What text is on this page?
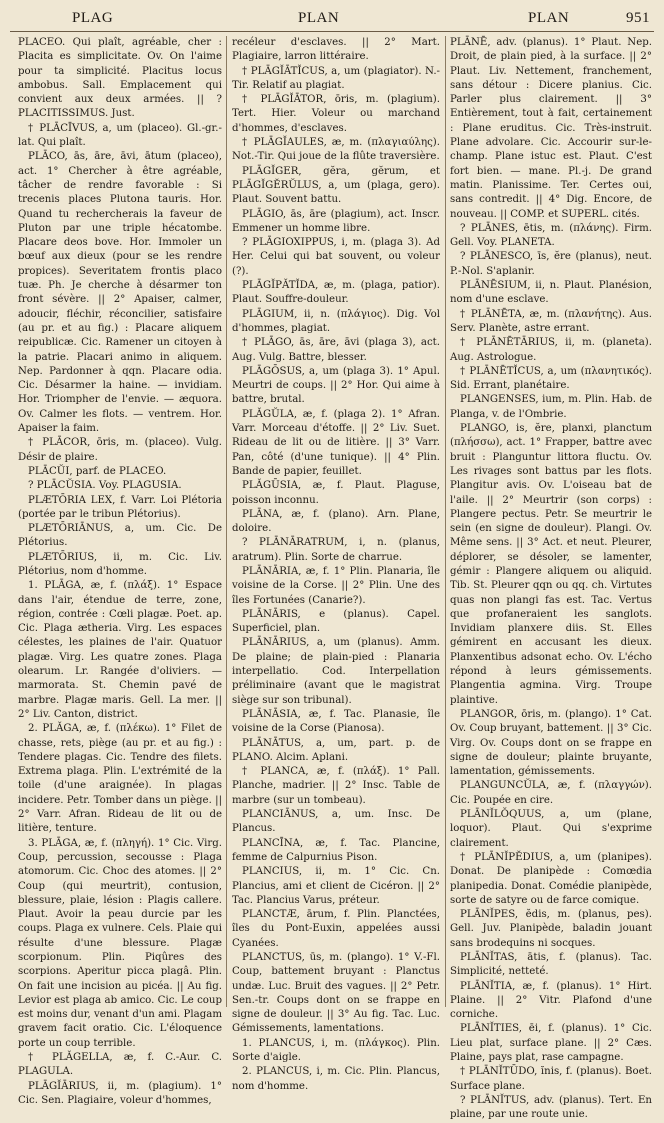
PLAG	PLAN	PLAN	951

PLACEO. Qui plaît, agréable, cher : Placita es simplicitate. Ov. On l'aime pour ta simplicité. Placitus locus ambobus. Sall. Emplacement qui convient aux deux armées. || ? PLACITISSIMUS. Just.

† PLĀCĪVUS, a, um (placeo). Gl.-gr.-lat. Qui plaît.

PLĀCO, ās, āre, āvi, ātum (placeo), act. 1° Chercher à être agréable, tâcher de rendre favorable : Si trecenis places Plutona tauris. Hor. Quand tu rechercherais la faveur de Pluton par une triple hécatombe. Placare deos bove. Hor. Immoler un bœuf aux dieux (pour se les rendre propices). Severitatem frontis placo tuæ. Ph. Je cherche à désarmer ton front sévère. || 2° Apaiser, calmer, adoucir, fléchir, réconcilier, satisfaire (au pr. et au fig.) : Placare aliquem reipublicæ. Cic. Ramener un citoyen à la patrie. Placari animo in aliquem. Nep. Pardonner à qqn. Placare odia. Cic. Désarmer la haine. — invidiam. Hor. Triompher de l'envie. — æquora. Ov. Calmer les flots. — ventrem. Hor. Apaiser la faim.

† PLĀCOR, ōris, m. (placeo). Vulg. Désir de plaire.

PLĀCŬI, parf. de PLACEO.

? PLĀCŬSIA. Voy. PLAGUSIA.

PLÆTŌRIA LEX, f. Varr. Loi Plétoria (portée par le tribun Plétorius).

PLÆTŌRIĀNUS, a, um. Cic. De Plétorius.

PLÆTŌRIUS, ii, m. Cic. Liv. Plétorius, nom d'homme.

1. PLĀGA, æ, f. (πλάξ). 1° Espace dans l'air, étendue de terre, zone, région, contrée : Cœli plagæ. Poet. ap. Cic. Plaga ætheria. Virg. Les espaces célestes, les plaines de l'air. Quatuor plagæ. Virg. Les quatre zones. Plaga olearum. Lr. Rangée d'oliviers. — marmorata. St. Chemin pavé de marbre. Plagæ maris. Gell. La mer. || 2° Liv. Canton, district.

2. PLĂGA, æ, f. (πλέκω). 1° Filet de chasse, rets, piège (au pr. et au fig.) : Tendere plagas. Cic. Tendre des filets. Extrema plaga. Plin. L'extrémité de la toile (d'une araignée). In plagas incidere. Petr. Tomber dans un piège. || 2° Varr. Afran. Rideau de lit ou de litière, tenture.

3. PLĀGA, æ, f. (πληγή). 1° Cic. Virg. Coup, percussion, secousse : Plaga atomorum. Cic. Choc des atomes. || 2° Coup (qui meurtrit), contusion, blessure, plaie, lésion : Plagis callere. Plaut. Avoir la peau durcie par les coups. Plaga ex vulnere. Cels. Plaie qui résulte d'une blessure. Plagæ scorpionum. Plin. Piqûres des scorpions. Aperitur picca plagâ. Plin. On fait une incision au picéa. || Au fig. Levior est plaga ab amico. Cic. Le coup est moins dur, venant d'un ami. Plagam gravem facit oratio. Cic. L'éloquence porte un coup terrible.

† PLĂGELLA, æ, f. C.-Aur. C. PLAGULA.

PLĀGĬĀRIUS, ii, m. (plagium). 1° Cic. Sen. Plagiaire, voleur d'hommes,

recéleur d'esclaves. || 2° Mart. Plagiaire, larron littéraire.

† PLĀGĬĀTĬCUS, a, um (plagiator). N.-Tir. Relatif au plagiat.

† PLĀGĬĀTOR, ōris, m. (plagium). Tert. Hier. Voleur ou marchand d'hommes, d'esclaves.

† PLĀGĬAULES, æ, m. (πλαγιαύλης). Not.-Tir. Qui joue de la flûte traversière.

PLĀGĬGER, gĕra, gĕrum, et PLĀGĬGĔRŬLUS, a, um (plaga, gero). Plaut. Souvent battu.

PLĀGIO, ās, āre (plagium), act. Inscr. Emmener un homme libre.

? PLĀGIOXIPPUS, i, m. (plaga 3). Ad Her. Celui qui bat souvent, ou voleur (?).

PLĀGĬPĂTĬDA, æ, m. (plaga, patior). Plaut. Souffre-douleur.

PLĀGIUM, ii, n. (πλάγιος). Dig. Vol d'hommes, plagiat.

† PLĀGO, ās, āre, āvi (plaga 3), act. Aug. Vulg. Battre, blesser.

PLĀGŌSUS, a, um (plaga 3). 1° Apul. Meurtri de coups. || 2° Hor. Qui aime à battre, brutal.

PLĂGŬLA, æ, f. (plaga 2). 1° Afran. Varr. Morceau d'étoffe. || 2° Liv. Suet. Rideau de lit ou de litière. || 3° Varr. Pan, côté (d'une tunique). || 4° Plin. Bande de papier, feuillet.

PLĂGŪSIA, æ, f. Plaut. Plaguse, poisson inconnu.

PLĀNA, æ, f. (plano). Arn. Plane, doloire.

? PLĀNĀRATRUM, i, n. (planus, aratrum). Plin. Sorte de charrue.

PLĀNĀRIA, æ, f. 1° Plin. Planaria, île voisine de la Corse. || 2° Plin. Une des îles Fortunées (Canarie?).

PLĀNĀRIS, e (planus). Capel. Superficiel, plan.

PLĀNĀRIUS, a, um (planus). Amm. De plaine; de plain-pied : Planaria interpellatio. Cod. Interpellation préliminaire (avant que le magistrat siège sur son tribunal).

PLĀNĀSIA, æ, f. Tac. Planasie, île voisine de la Corse (Pianosa).

PLĀNĀTUS, a, um, part. p. de PLANO. Alcim. Aplani.

† PLANCA, æ, f. (πλάξ). 1° Pall. Planche, madrier. || 2° Insc. Table de marbre (sur un tombeau).

PLANCIĀNUS, a, um. Insc. De Plancus.

PLANCĪNA, æ, f. Tac. Plancine, femme de Calpurnius Pison.

PLANCIUS, ii, m. 1° Cic. Cn. Plancius, ami et client de Cicéron. || 2° Tac. Plancius Varus, préteur.

PLANCTÆ, ārum, f. Plin. Planctées, îles du Pont-Euxin, appelées aussi Cyanées.

PLANCTUS, ūs, m. (plango). 1° V.-Fl. Coup, battement bruyant : Planctus undæ. Luc. Bruit des vagues. || 2° Petr. Sen.-tr. Coups dont on se frappe en signe de douleur. || 3° Au fig. Tac. Luc. Gémissements, lamentations.

1. PLANCUS, i, m. (πλάγκος). Plin. Sorte d'aigle.

2. PLANCUS, i, m. Cic. Plin. Plancus, nom d'homme.

PLĀNĒ, adv. (planus). 1° Plaut. Nep. Droit, de plain pied, à la surface. || 2° Plaut. Liv. Nettement, franchement, sans détour : Dicere planius. Cic. Parler plus clairement. || 3° Entièrement, tout à fait, certainement : Plane eruditus. Cic. Très-instruit. Plane advolare. Cic. Accourir sur-le-champ. Plane istuc est. Plaut. C'est fort bien. — mane. Pl.-j. De grand matin. Planissime. Ter. Certes oui, sans contredit. || 4° Dig. Encore, de nouveau. || COMP. et SUPERL. cités.

? PLĀNES, ētis, m. (πλάνης). Firm. Gell. Voy. PLANETA.

? PLĀNESCO, īs, ĕre (planus), neut. P.-Nol. S'aplanir.

PLĀNĒSIUM, ii, n. Plaut. Planésion, nom d'une esclave.

† PLĀNĒTA, æ, m. (πλανήτης). Aus. Serv. Planète, astre errant.

† PLĀNĒTĀRIUS, ii, m. (planeta). Aug. Astrologue.

† PLĀNĒTĬCUS, a, um (πλανητικός). Sid. Errant, planétaire.

PLANGENSES, ium, m. Plin. Hab. de Planga, v. de l'Ombrie.

PLANGO, is, ĕre, planxi, planctum (πλήσσω), act. 1° Frapper, battre avec bruit : Planguntur littora fluctu. Ov. Les rivages sont battus par les flots. Plangitur avis. Ov. L'oiseau bat de l'aile. || 2° Meurtrir (son corps) : Plangere pectus. Petr. Se meurtrir le sein (en signe de douleur). Plangi. Ov. Même sens. || 3° Act. et neut. Pleurer, déplorer, se désoler, se lamenter, gémir : Plangere aliquem ou aliquid. Tib. St. Pleurer qqn ou qq. ch. Virtutes quas non plangi fas est. Tac. Vertus que profaneraient les sanglots. Invidiam planxere diis. St. Elles gémirent en accusant les dieux. Planxentibus adsonat echo. Ov. L'écho répond à leurs gémissements. Plangentia agmina. Virg. Troupe plaintive.

PLANGOR, ōris, m. (plango). 1° Cat. Ov. Coup bruyant, battement. || 3° Cic. Virg. Ov. Coups dont on se frappe en signe de douleur; plainte bruyante, lamentation, gémissements.

PLANGUNCŬLA, æ, f. (πλαγγών). Cic. Poupée en cire.

PLĀNĬLŎQUUS, a, um (plane, loquor). Plaut. Qui s'exprime clairement.

† PLĀNĬPĔDIUS, a, um (planipes). Donat. De planipède : Comœdia planipedia. Donat. Comédie planipède, sorte de satyre ou de farce comique.

PLĀNĬPES, ĕdis, m. (planus, pes). Gell. Juv. Planipède, baladin jouant sans brodequins ni socques.

PLĀNĬTAS, ātis, f. (planus). Tac. Simplicité, netteté.

PLĀNĬTIA, æ, f. (planus). 1° Hirt. Plaine. || 2° Vitr. Plafond d'une corniche.

PLĀNĬTIES, ēi, f. (planus). 1° Cic. Lieu plat, surface plane. || 2° Cæs. Plaine, pays plat, rase campagne.

† PLĀNĬTŪDO, ĭnis, f. (planus). Boet. Surface plane.

? PLĀNĬTUS, adv. (planus). Tert. En plaine, par une route unie.
